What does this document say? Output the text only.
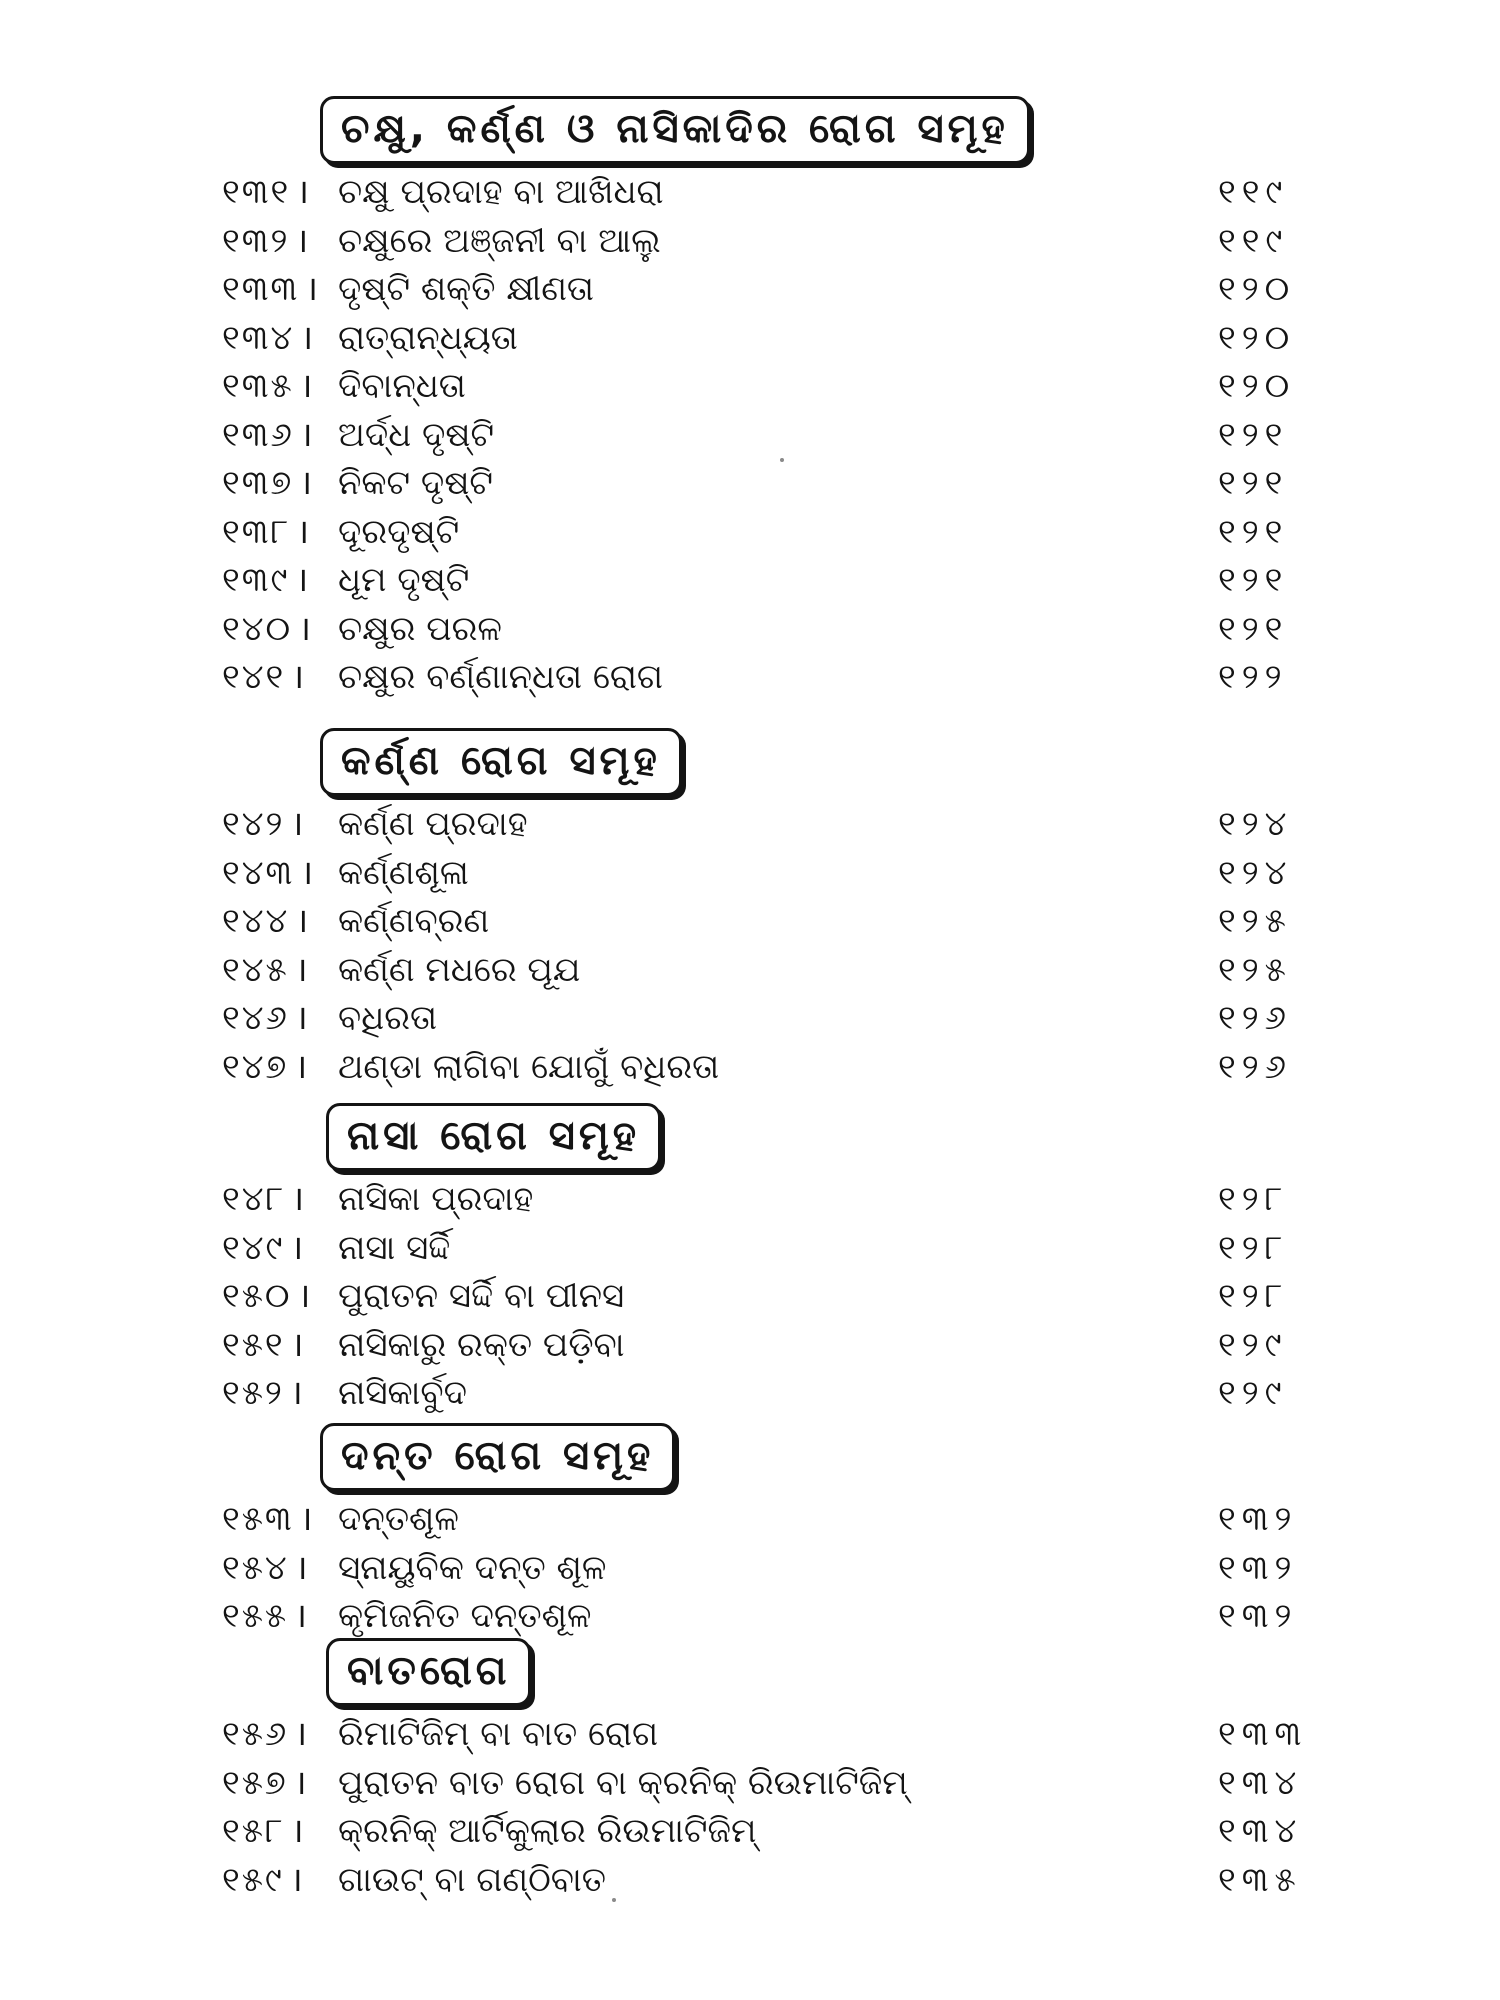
ଚକ୍ଷୁ, କର୍ଣ୍ଣ ଓ ନାସିକାଦିର ରୋଗ ସମୂହ
୧୩୧ । ଚକ୍ଷୁ ପ୍ରଦାହ ବା ଆଖିଧରା	୧୧୯
୧୩୨ । ଚକ୍ଷୁରେ ଅଞ୍ଜନୀ ବା ଆଲୁ	୧୧୯
୧୩୩ । ଦୃଷ୍ଟି ଶକ୍ତି କ୍ଷୀଣତା	୧୨୦
୧୩୪ । ରାତ୍ରାନ୍ଧ୍ୟତା	୧୨୦
୧୩୫ । ଦିବାନ୍ଧତା	୧୨୦
୧୩୬ । ଅର୍ଦ୍ଧ ଦୃଷ୍ଟି	୧୨୧
୧୩୭ । ନିକଟ ଦୃଷ୍ଟି	୧୨୧
୧୩୮ । ଦୂରଦୃଷ୍ଟି	୧୨୧
୧୩୯ । ଧୂମ ଦୃଷ୍ଟି	୧୨୧
୧୪୦ । ଚକ୍ଷୁର ପରଳ	୧୨୧
୧୪୧ । ଚକ୍ଷୁର ବର୍ଣ୍ଣାନ୍ଧତା ରୋଗ	୧୨୨
କର୍ଣ୍ଣ ରୋଗ ସମୂହ
୧୪୨ । କର୍ଣ୍ଣ ପ୍ରଦାହ	୧୨୪
୧୪୩ । କର୍ଣ୍ଣଶୂଳା	୧୨୪
୧୪୪ । କର୍ଣ୍ଣବ୍ରଣ	୧୨୫
୧୪୫ । କର୍ଣ୍ଣ ମଧରେ ପୂଯ	୧୨୫
୧୪୬ । ବଧିରତା	୧୨୬
୧୪୭ । ଥଣ୍ଡା ଲାଗିବା ଯୋଗୁଁ ବଧିରତା	୧୨୬
ନାସା ରୋଗ ସମୂହ
୧୪୮ । ନାସିକା ପ୍ରଦାହ	୧୨୮
୧୪୯ । ନାସା ସର୍ଦ୍ଦି	୧୨୮
୧୫୦ । ପୁରାତନ ସର୍ଦ୍ଦି ବା ପୀନସ	୧୨୮
୧୫୧ । ନାସିକାରୁ ରକ୍ତ ପଡ଼ିବା	୧୨୯
୧୫୨ । ନାସିକାର୍ବୁଦ	୧୨୯
ଦନ୍ତ ରୋଗ ସମୂହ
୧୫୩ । ଦନ୍ତଶୂଳ	୧୩୨
୧୫୪ । ସ୍ନାୟୁବିକ ଦନ୍ତ ଶୂଳ	୧୩୨
୧୫୫ । କୃମିଜନିତ ଦନ୍ତଶୂଳ	୧୩୨
ବାତରୋଗ
୧୫୬ । ରିମାଟିଜିମ୍ ବା ବାତ ରୋଗ	୧୩୩
୧୫୭ । ପୁରାତନ ବାତ ରୋଗ ବା କ୍ରନିକ୍ ରିଉମାଟିଜିମ୍	୧୩୪
୧୫୮ । କ୍ରନିକ୍ ଆର୍ଟିକୁଲାର ରିଉମାଟିଜିମ୍	୧୩୪
୧୫୯ । ଗାଉଟ୍ ବା ଗଣ୍ଠିବାତ	୧୩୫
